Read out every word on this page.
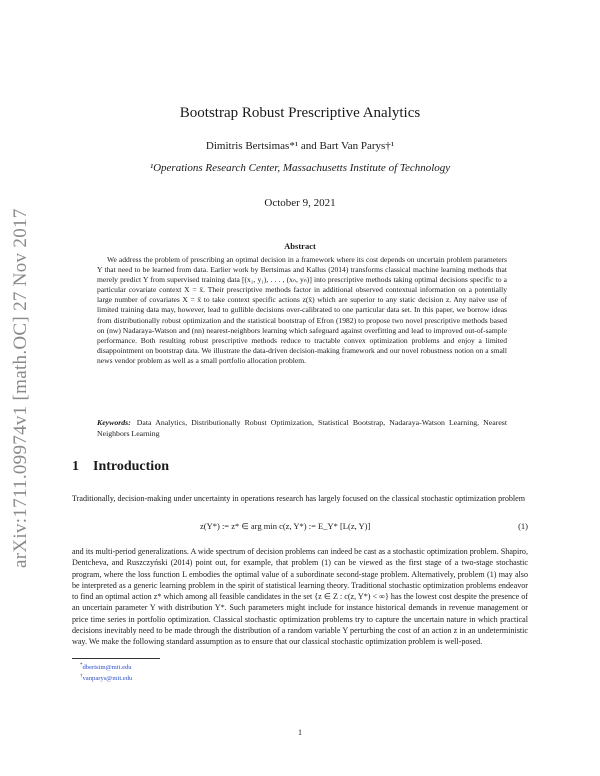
arXiv:1711.09974v1 [math.OC] 27 Nov 2017
Bootstrap Robust Prescriptive Analytics
Dimitris Bertsimas*¹ and Bart Van Parys†¹
¹Operations Research Center, Massachusetts Institute of Technology
October 9, 2021
Abstract
We address the problem of prescribing an optimal decision in a framework where its cost depends on uncertain problem parameters Y that need to be learned from data. Earlier work by Bertsimas and Kallus (2014) transforms classical machine learning methods that merely predict Y from supervised training data [(x₁, y₁), . . . , (xₙ, yₙ)] into prescriptive methods taking optimal decisions specific to a particular covariate context X = x̄. Their prescriptive methods factor in additional observed contextual information on a potentially large number of covariates X = x̄ to take context specific actions z(x̄) which are superior to any static decision z. Any naive use of limited training data may, however, lead to gullible decisions over-calibrated to one particular data set. In this paper, we borrow ideas from distributionally robust optimization and the statistical bootstrap of Efron (1982) to propose two novel prescriptive methods based on (nw) Nadaraya-Watson and (nn) nearest-neighbors learning which safeguard against overfitting and lead to improved out-of-sample performance. Both resulting robust prescriptive methods reduce to tractable convex optimization problems and enjoy a limited disappointment on bootstrap data. We illustrate the data-driven decision-making framework and our novel robustness notion on a small news vendor problem as well as a small portfolio allocation problem.
Keywords: Data Analytics, Distributionally Robust Optimization, Statistical Bootstrap, Nadaraya-Watson Learning, Nearest Neighbors Learning
1 Introduction
Traditionally, decision-making under uncertainty in operations research has largely focused on the classical stochastic optimization problem
z(Y*) := z* ∈ arg min c(z, Y*) := E_Y* [L(z, Y)]	(1)
and its multi-period generalizations. A wide spectrum of decision problems can indeed be cast as a stochastic optimization problem. Shapiro, Dentcheva, and Ruszczyński (2014) point out, for example, that problem (1) can be viewed as the first stage of a two-stage stochastic program, where the loss function L embodies the optimal value of a subordinate second-stage problem. Alternatively, problem (1) may also be interpreted as a generic learning problem in the spirit of statistical learning theory. Traditional stochastic optimization problems endeavor to find an optimal action z* which among all feasible candidates in the set {z ∈ Z : c(z, Y*) < ∞} has the lowest cost despite the presence of an uncertain parameter Y with distribution Y*. Such parameters might include for instance historical demands in revenue management or price time series in portfolio optimization. Classical stochastic optimization problems try to capture the uncertain nature in which practical decisions inevitably need to be made through the distribution of a random variable Y perturbing the cost of an action z in an undeterministic way. We make the following standard assumption as to ensure that our classical stochastic optimization problem is well-posed.
*dbertsim@mit.edu
†vanparys@mit.edu
1
